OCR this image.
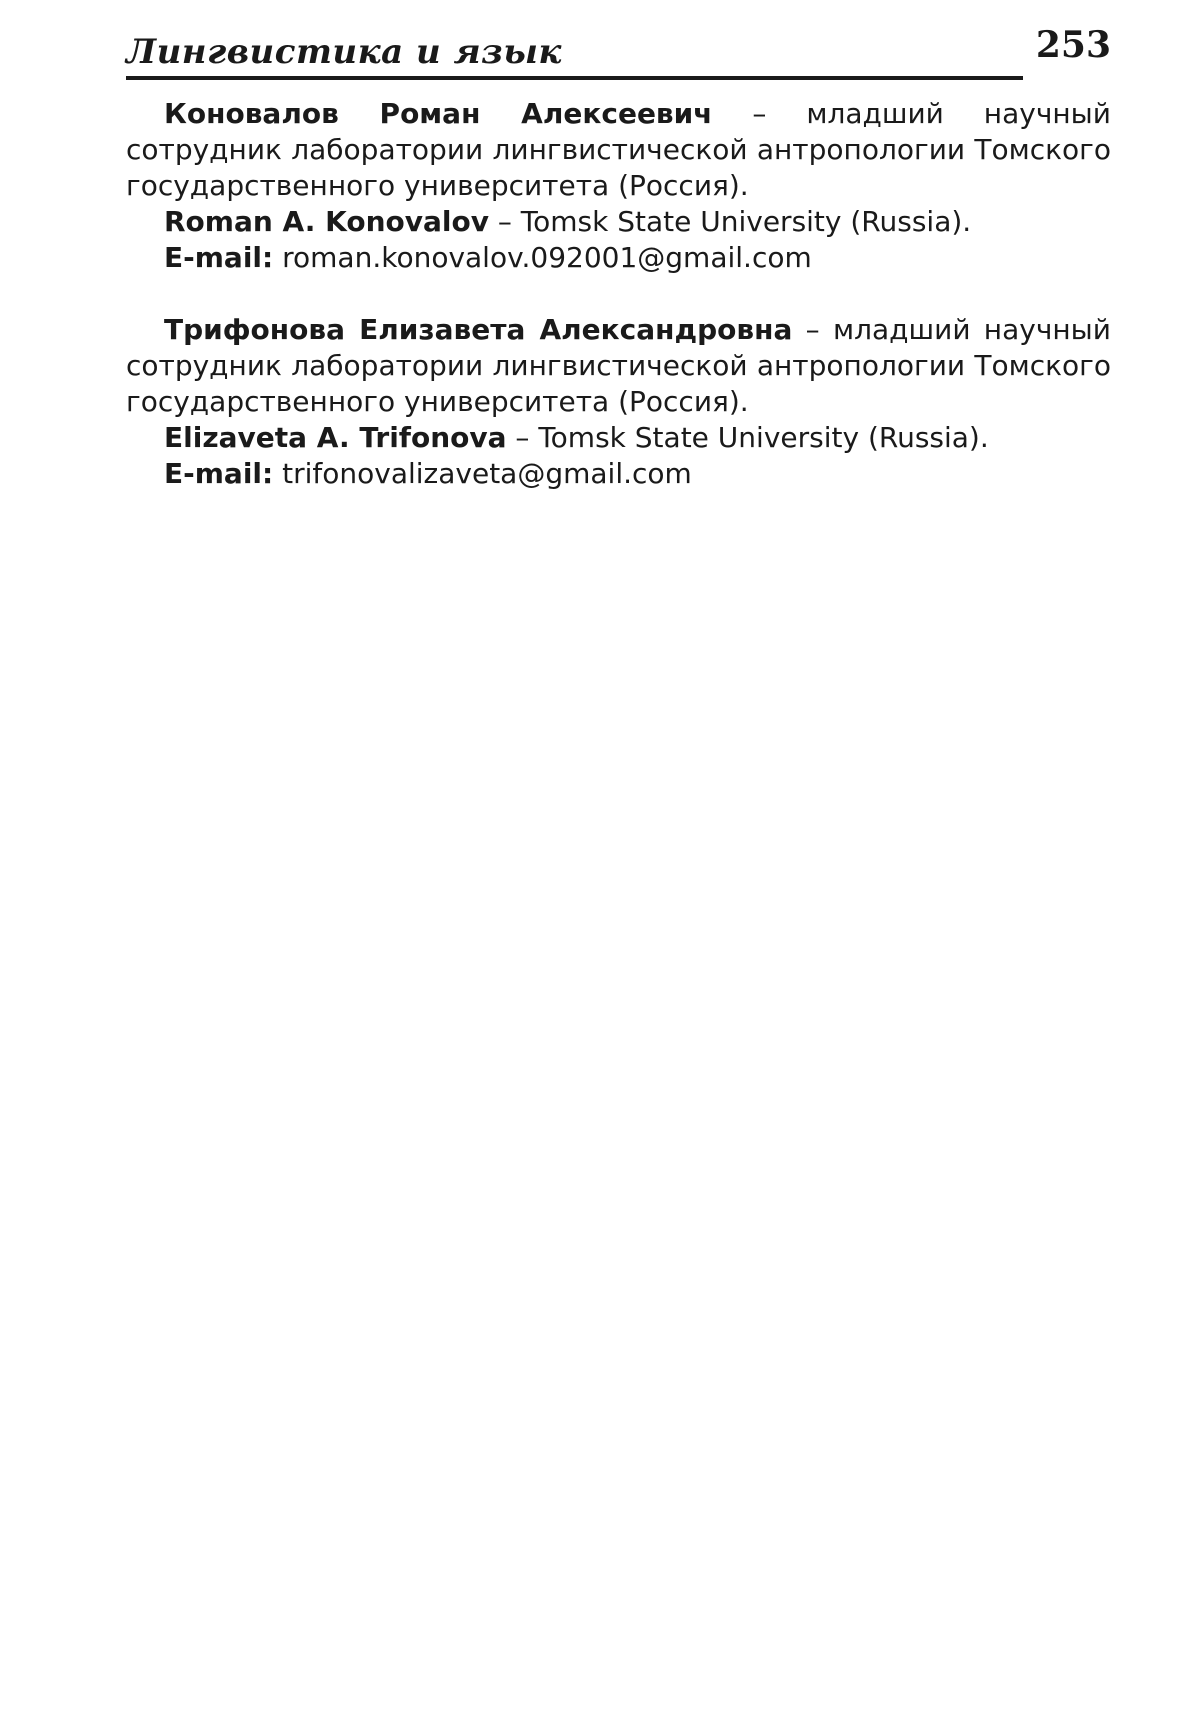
Лингвистика и язык	253

Коновалов Роман Алексеевич – младший научный сотрудник лаборатории лингвистической антропологии Томского государственного университета (Россия).

Roman A. Konovalov – Tomsk State University (Russia).

E-mail: roman.konovalov.092001@gmail.com

Трифонова Елизавета Александровна – младший научный сотрудник лаборатории лингвистической антропологии Томского государственного университета (Россия).

Elizaveta A. Trifonova – Tomsk State University (Russia).

E-mail: trifonovalizaveta@gmail.com
